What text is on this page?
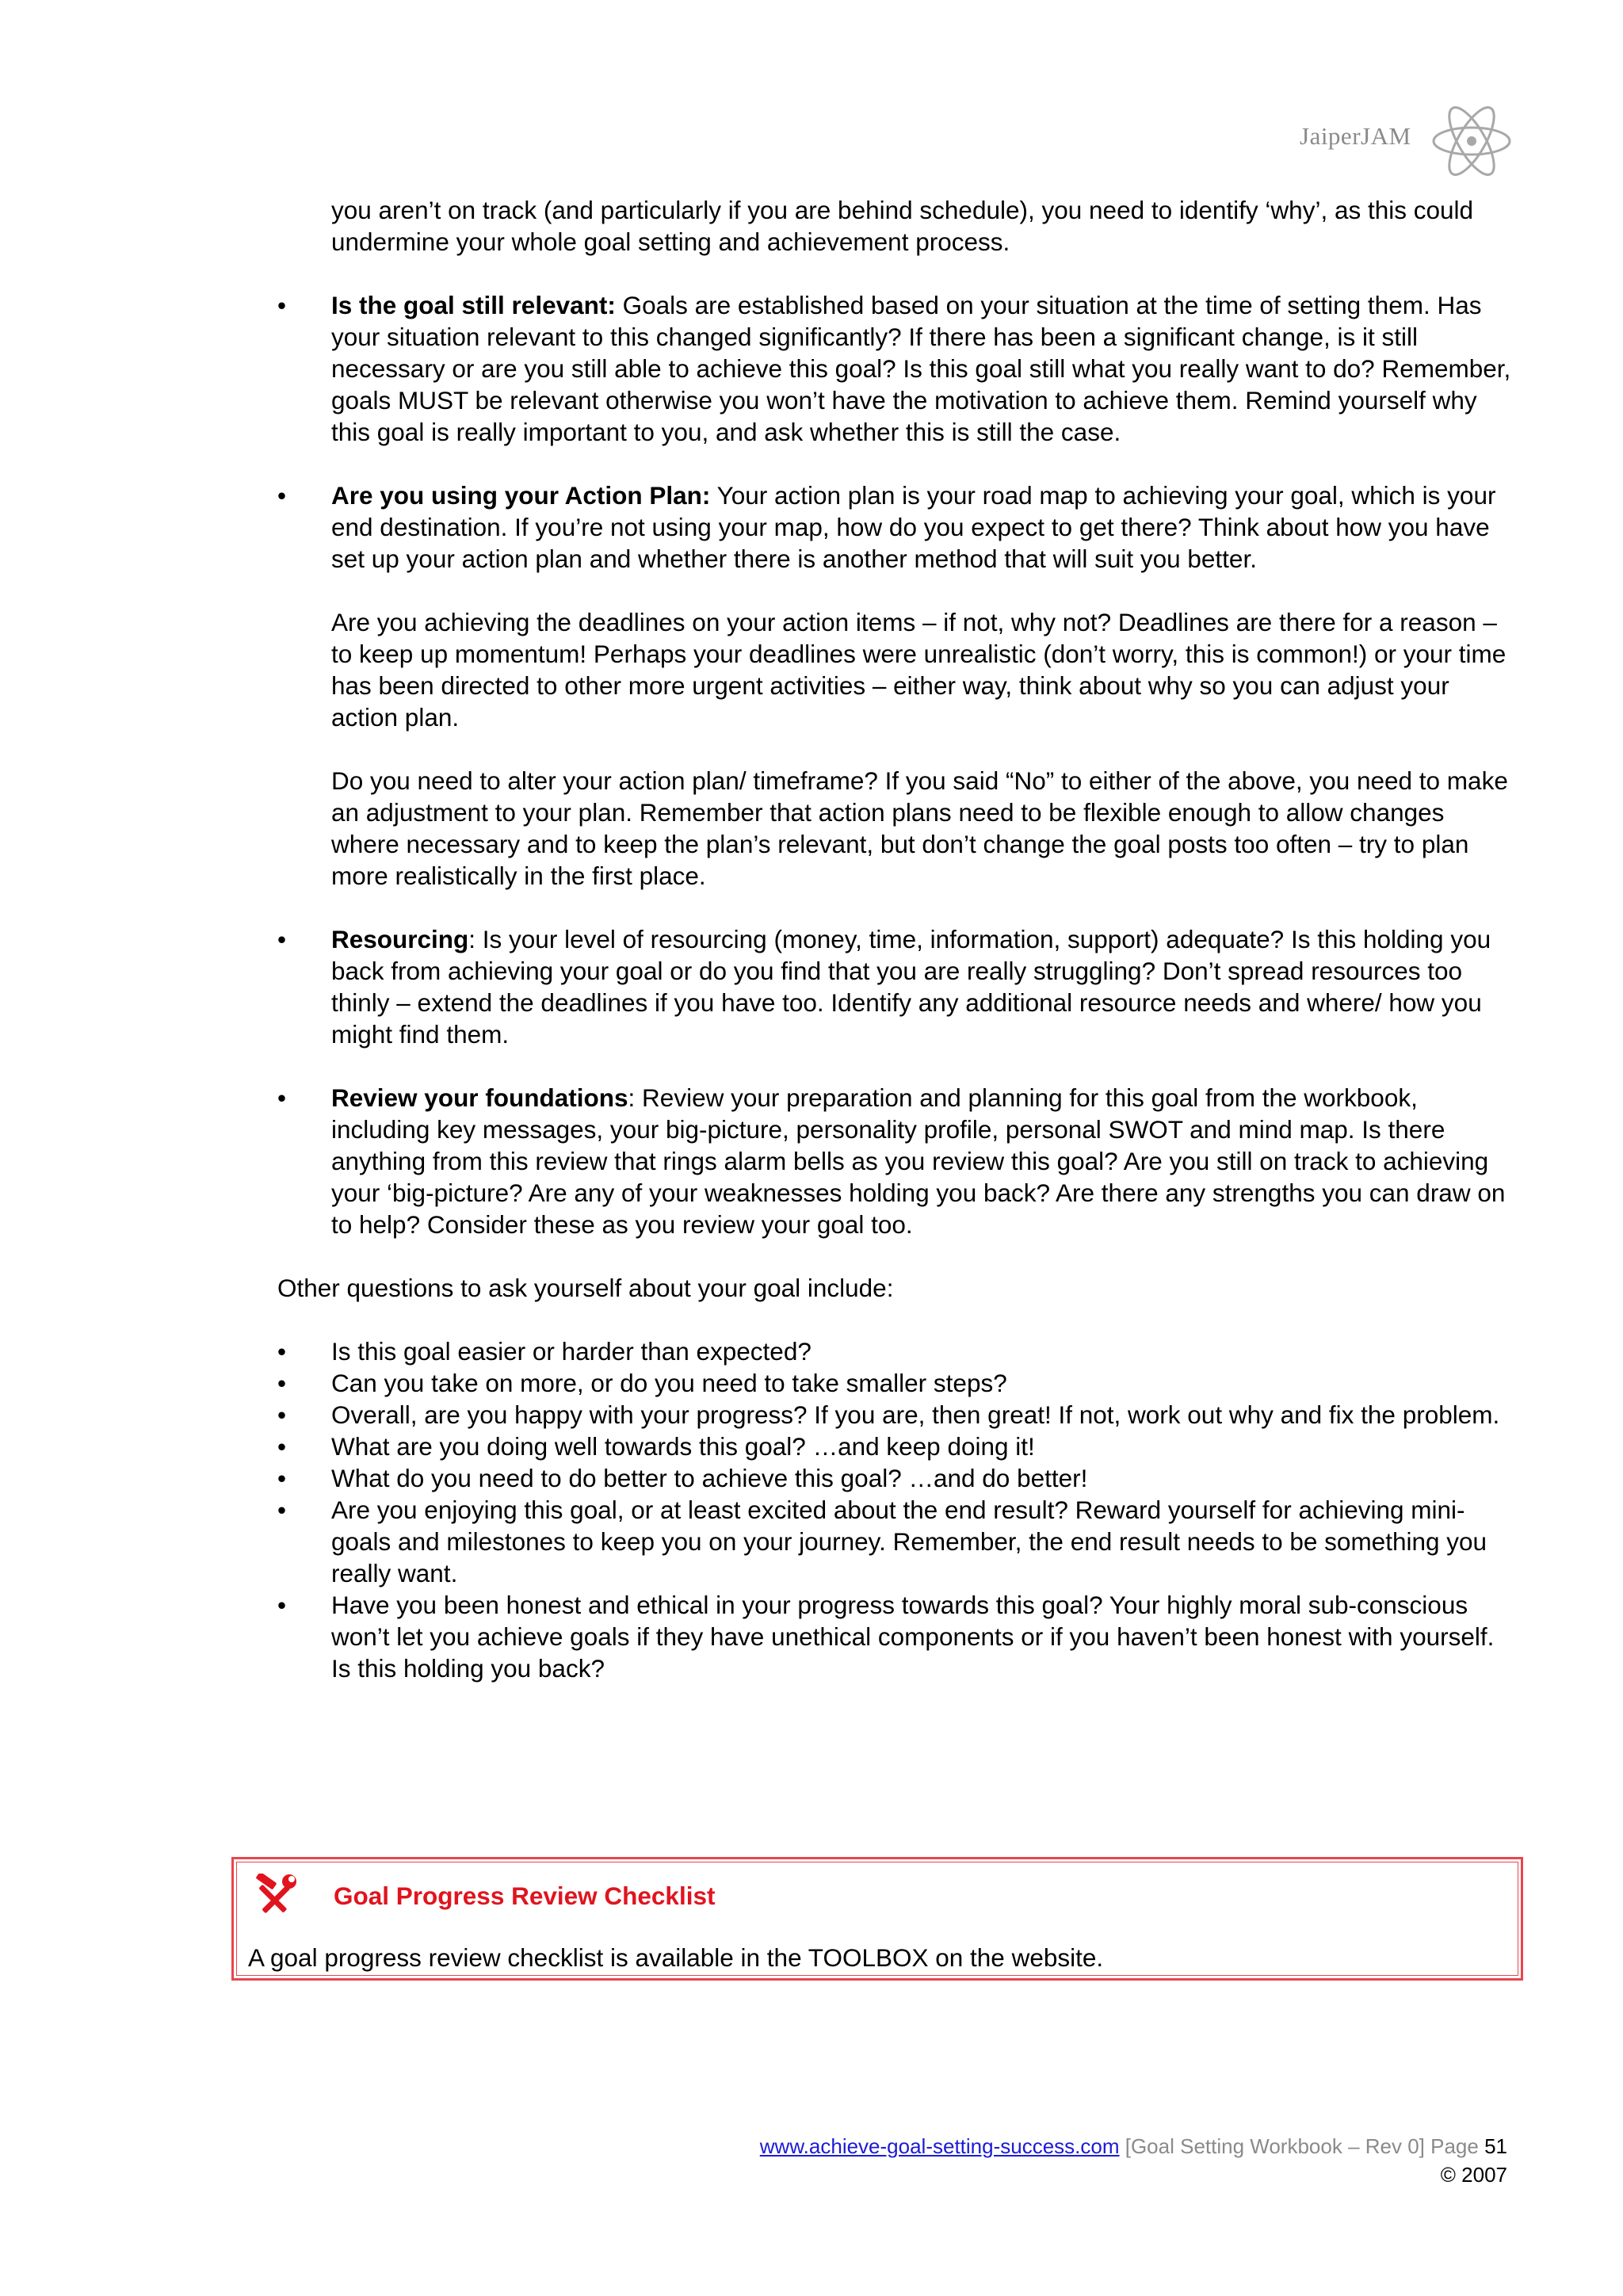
JaiperJAM

you aren’t on track (and particularly if you are behind schedule), you need to identify ‘why’, as this could undermine your whole goal setting and achievement process.

•	Is the goal still relevant: Goals are established based on your situation at the time of setting them. Has your situation relevant to this changed significantly? If there has been a significant change, is it still necessary or are you still able to achieve this goal? Is this goal still what you really want to do? Remember, goals MUST be relevant otherwise you won’t have the motivation to achieve them. Remind yourself why this goal is really important to you, and ask whether this is still the case.

•	Are you using your Action Plan: Your action plan is your road map to achieving your goal, which is your end destination. If you’re not using your map, how do you expect to get there? Think about how you have set up your action plan and whether there is another method that will suit you better.

Are you achieving the deadlines on your action items – if not, why not? Deadlines are there for a reason – to keep up momentum! Perhaps your deadlines were unrealistic (don’t worry, this is common!) or your time has been directed to other more urgent activities – either way, think about why so you can adjust your action plan.

Do you need to alter your action plan/ timeframe? If you said “No” to either of the above, you need to make an adjustment to your plan. Remember that action plans need to be flexible enough to allow changes where necessary and to keep the plan’s relevant, but don’t change the goal posts too often – try to plan more realistically in the first place.

•	Resourcing: Is your level of resourcing (money, time, information, support) adequate? Is this holding you back from achieving your goal or do you find that you are really struggling? Don’t spread resources too thinly – extend the deadlines if you have too. Identify any additional resource needs and where/ how you might find them.

•	Review your foundations: Review your preparation and planning for this goal from the workbook, including key messages, your big-picture, personality profile, personal SWOT and mind map. Is there anything from this review that rings alarm bells as you review this goal? Are you still on track to achieving your ‘big-picture? Are any of your weaknesses holding you back? Are there any strengths you can draw on to help? Consider these as you review your goal too.

Other questions to ask yourself about your goal include:

•	Is this goal easier or harder than expected?

•	Can you take on more, or do you need to take smaller steps?

•	Overall, are you happy with your progress? If you are, then great! If not, work out why and fix the problem.

•	What are you doing well towards this goal? …and keep doing it!

•	What do you need to do better to achieve this goal? …and do better!

•	Are you enjoying this goal, or at least excited about the end result? Reward yourself for achieving mini-goals and milestones to keep you on your journey. Remember, the end result needs to be something you really want.

•	Have you been honest and ethical in your progress towards this goal? Your highly moral sub-conscious won’t let you achieve goals if they have unethical components or if you haven’t been honest with yourself. Is this holding you back?

Goal Progress Review Checklist
A goal progress review checklist is available in the TOOLBOX on the website.
www.achieve-goal-setting-success.com [Goal Setting Workbook – Rev 0] Page 51
© 2007
